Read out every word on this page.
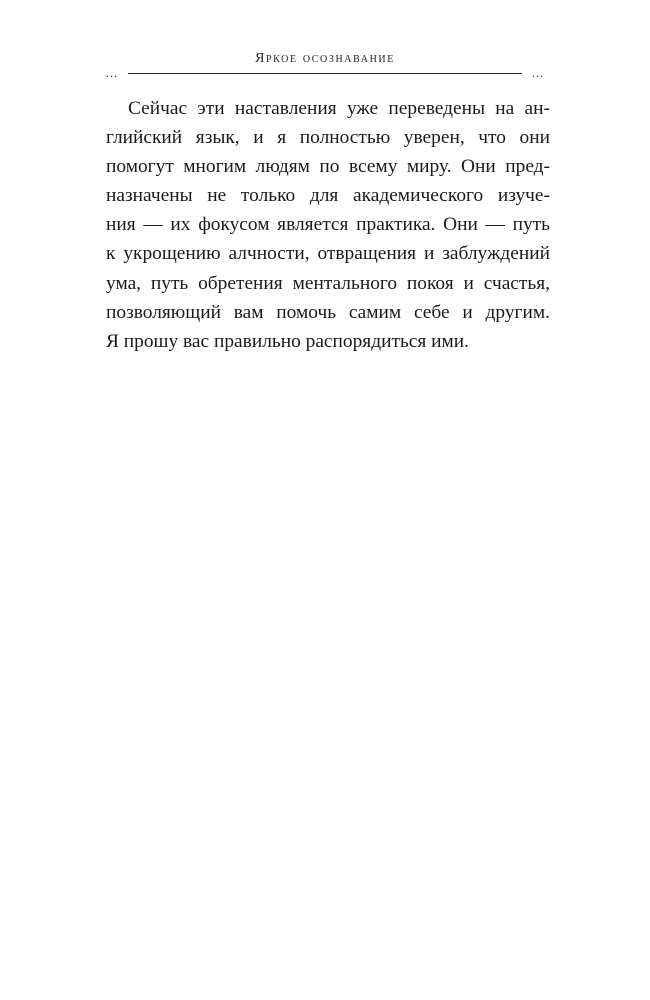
Яркое осознавание
...	...
Сейчас эти наставления уже переведены на ан-
глийский язык, и я полностью уверен, что они
помогут многим людям по всему миру. Они пред-
назначены не только для академического изуче-
ния — их фокусом является практика. Они — путь
к укрощению алчности, отвращения и заблуждений
ума, путь обретения ментального покоя и счастья,
позволяющий вам помочь самим себе и другим.
Я прошу вас правильно распорядиться ими.
